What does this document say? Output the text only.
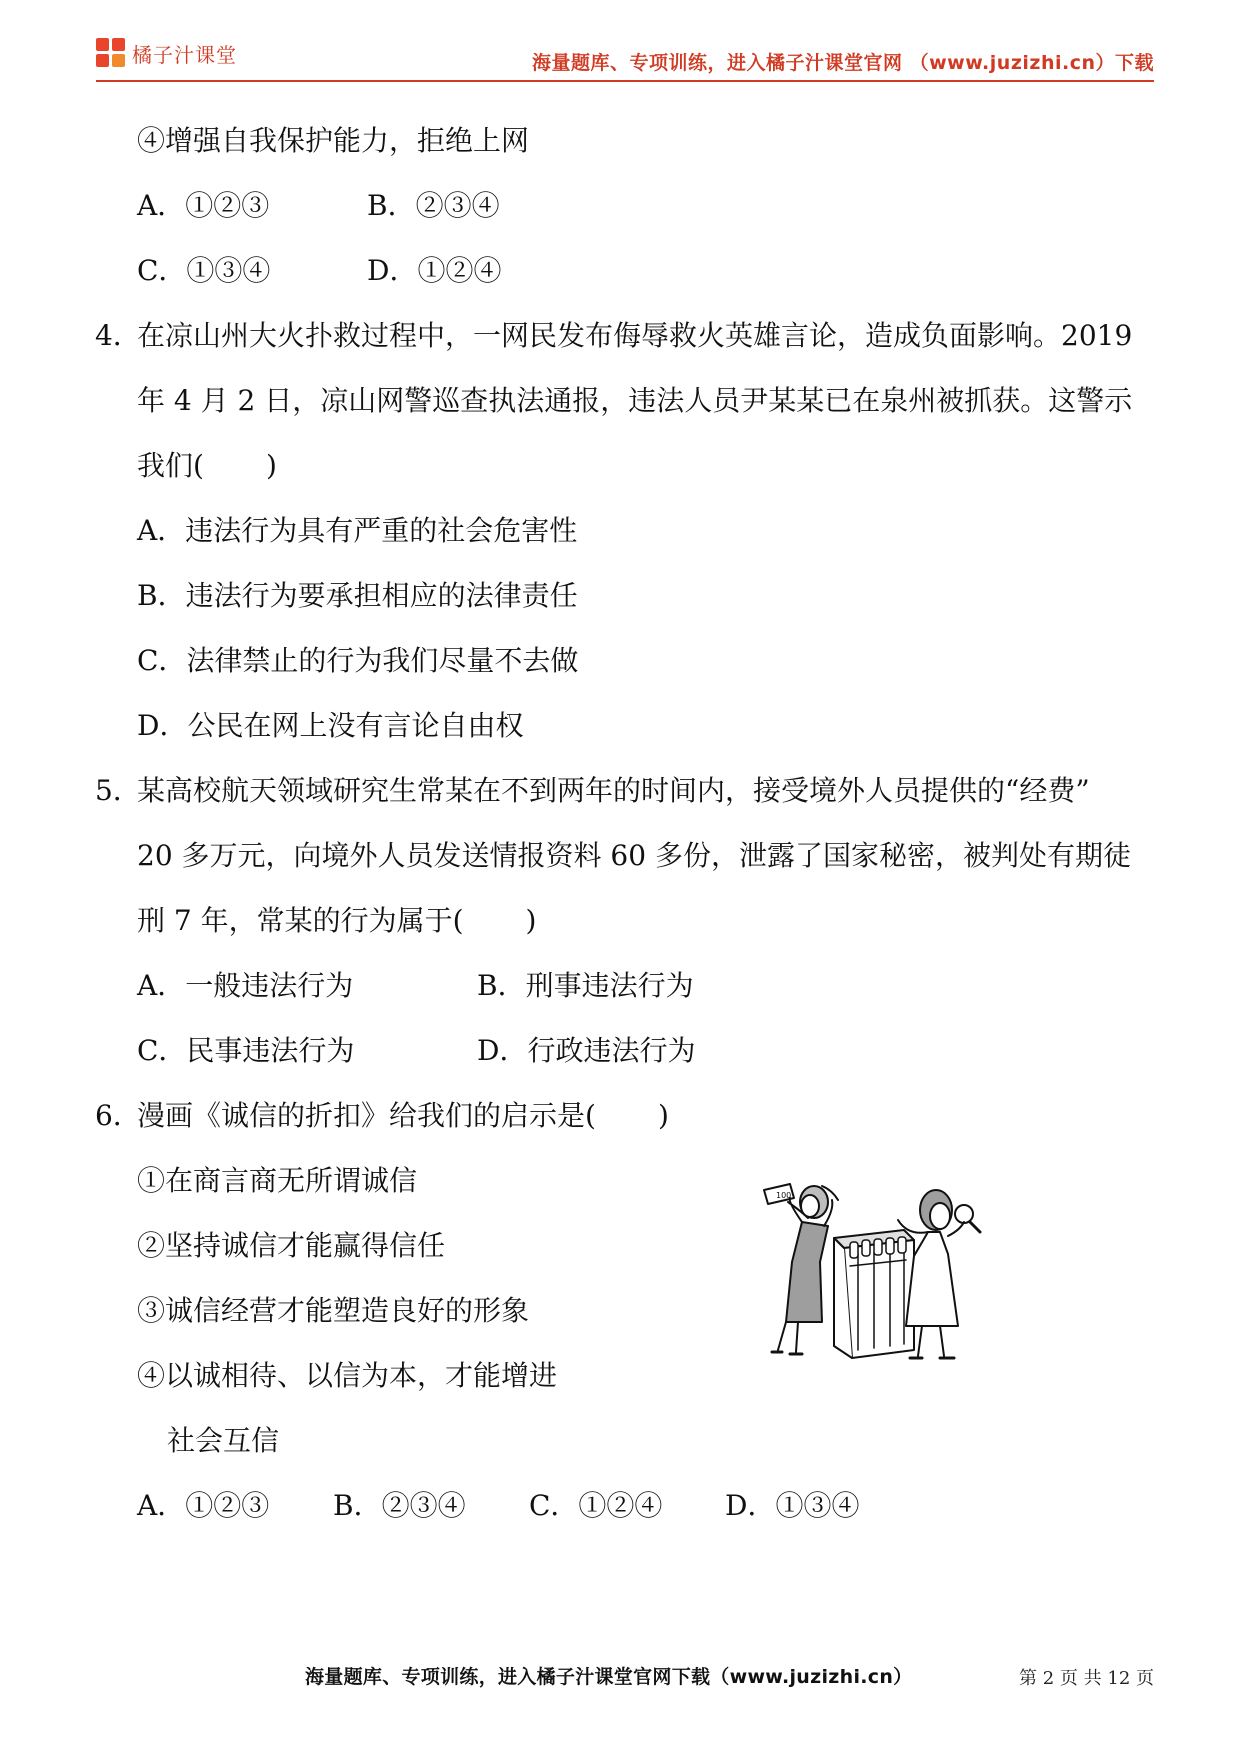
橘子汁课堂	海量题库、专项训练，进入橘子汁课堂官网 （www.juzizhi.cn）下载
④增强自我保护能力，拒绝上网
A．①②③	B．②③④
C．①③④	D．①②④
4．在凉山州大火扑救过程中，一网民发布侮辱救火英雄言论，造成负面影响。2019
年 4 月 2 日，凉山网警巡查执法通报，违法人员尹某某已在泉州被抓获。这警示
我们( )
A．违法行为具有严重的社会危害性
B．违法行为要承担相应的法律责任
C．法律禁止的行为我们尽量不去做
D．公民在网上没有言论自由权
5．某高校航天领域研究生常某在不到两年的时间内，接受境外人员提供的“经费”
20 多万元，向境外人员发送情报资料 60 多份，泄露了国家秘密，被判处有期徒
刑 7 年，常某的行为属于( )
A．一般违法行为	B．刑事违法行为
C．民事违法行为	D．行政违法行为
6．漫画《诚信的折扣》给我们的启示是( )
①在商言商无所谓诚信
②坚持诚信才能赢得信任
③诚信经营才能塑造良好的形象
④以诚相待、以信为本，才能增进
社会互信
A．①②③	B．②③④	C．①②④	D．①③④
100
海量题库、专项训练，进入橘子汁课堂官网下载（www.juzizhi.cn）	第 2 页 共 12 页
